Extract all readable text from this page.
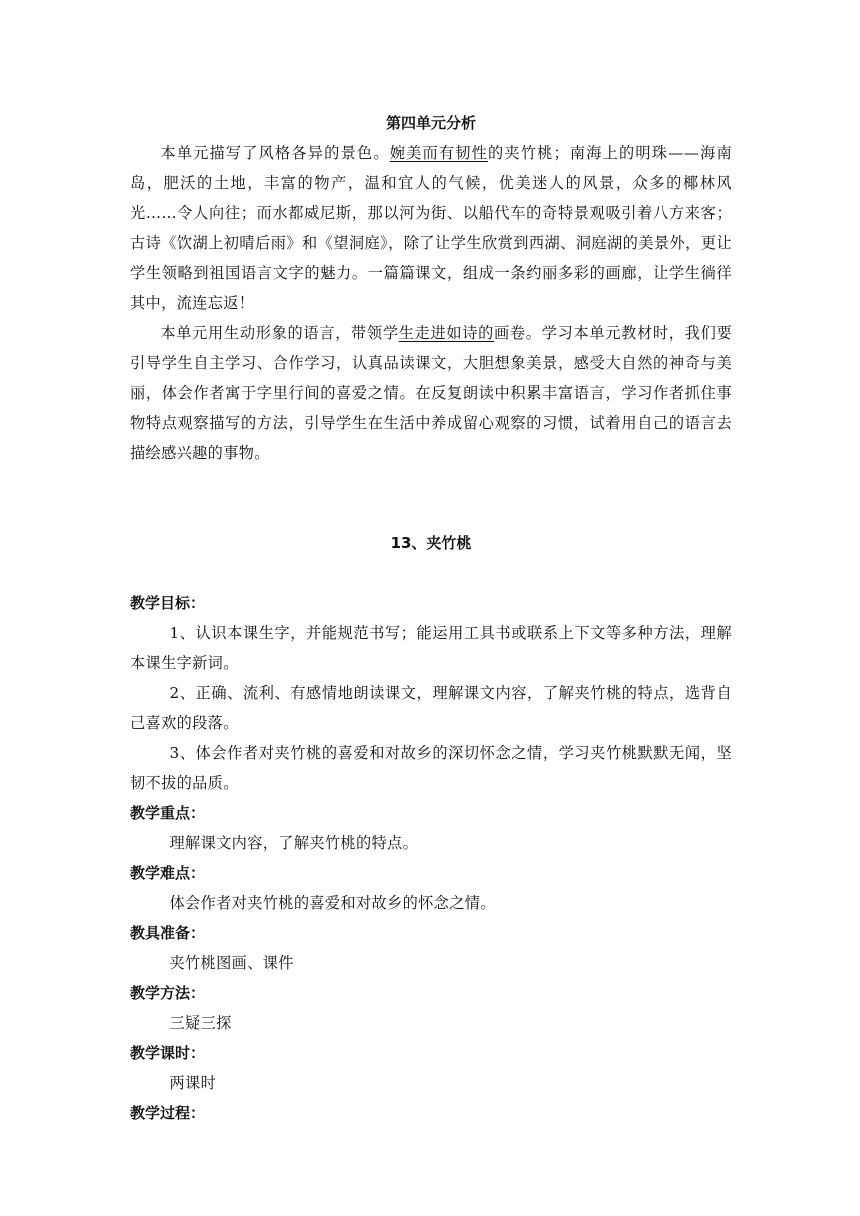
第四单元分析

本单元描写了风格各异的景色。婉美而有韧性的夹竹桃；南海上的明珠——海南岛，肥沃的土地，丰富的物产，温和宜人的气候，优美迷人的风景，众多的椰林风光……令人向往；而水都威尼斯，那以河为街、以船代车的奇特景观吸引着八方来客；古诗《饮湖上初晴后雨》和《望洞庭》，除了让学生欣赏到西湖、洞庭湖的美景外，更让学生领略到祖国语言文字的魅力。一篇篇课文，组成一条约丽多彩的画廊，让学生徜徉其中，流连忘返！

本单元用生动形象的语言，带领学生走进如诗的画卷。学习本单元教材时，我们要引导学生自主学习、合作学习，认真品读课文，大胆想象美景，感受大自然的神奇与美丽，体会作者寓于字里行间的喜爱之情。在反复朗读中积累丰富语言，学习作者抓住事物特点观察描写的方法，引导学生在生活中养成留心观察的习惯，试着用自己的语言去描绘感兴趣的事物。

13、夹竹桃
教学目标：

1、认识本课生字，并能规范书写；能运用工具书或联系上下文等多种方法，理解本课生字新词。

2、正确、流利、有感情地朗读课文，理解课文内容，了解夹竹桃的特点，选背自己喜欢的段落。

3、体会作者对夹竹桃的喜爱和对故乡的深切怀念之情，学习夹竹桃默默无闻，坚韧不拔的品质。

教学重点：

理解课文内容，了解夹竹桃的特点。

教学难点：

体会作者对夹竹桃的喜爱和对故乡的怀念之情。

教具准备：

夹竹桃图画、课件

教学方法：

三疑三探

教学课时：

两课时

教学过程：
